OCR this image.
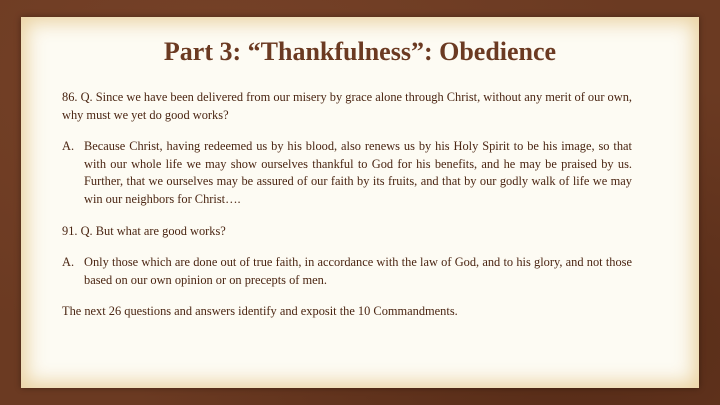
Part 3: “Thankfulness”: Obedience

86. Q. Since we have been delivered from our misery by grace alone through Christ, without any merit of our own, why must we yet do good works?

A. Because Christ, having redeemed us by his blood, also renews us by his Holy Spirit to be his image, so that with our whole life we may show ourselves thankful to God for his benefits, and he may be praised by us. Further, that we ourselves may be assured of our faith by its fruits, and that by our godly walk of life we may win our neighbors for Christ….

91. Q. But what are good works?

A. Only those which are done out of true faith, in accordance with the law of God, and to his glory, and not those based on our own opinion or on precepts of men.

The next 26 questions and answers identify and exposit the 10 Commandments.
